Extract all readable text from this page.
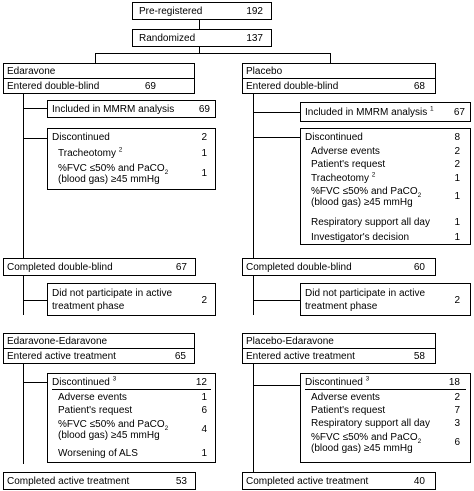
Pre-registered	192
Randomized	137
Edaravone
Entered double-blind	69
Included in MMRM analysis 69
Discontinued	2
Tracheotomy $^2$	1
%FVC ≤50% and PaCO$_2$
(blood gas) ≥45 mmHg
1
Completed double-blind	67
Did not participate in active
treatment phase
2
Edaravone-Edaravone
Entered active treatment	65
Discontinued $^3$	12
Adverse events	1
Patient's request	6
%FVC ≤50% and PaCO$_2$
(blood gas) ≥45 mmHg
4
Worsening of ALS	1
Completed active treatment	53
Placebo
Entered double-blind	68
Included in MMRM analysis $^1$ 67
Discontinued	8
Adverse events	2
Patient's request	2
Tracheotomy $^2$	1
%FVC ≤50% and PaCO$_2$
(blood gas) ≥45 mmHg
1
Respiratory support all day 1
Investigator's decision	1
Completed double-blind	60
Did not participate in active
treatment phase
2
Placebo-Edaravone
Entered active treatment	58
Discontinued $^3$	18
Adverse events	2
Patient's request	7
Respiratory support all day 3
%FVC ≤50% and PaCO$_2$
(blood gas) ≥45 mmHg
6
Completed active treatment	40
